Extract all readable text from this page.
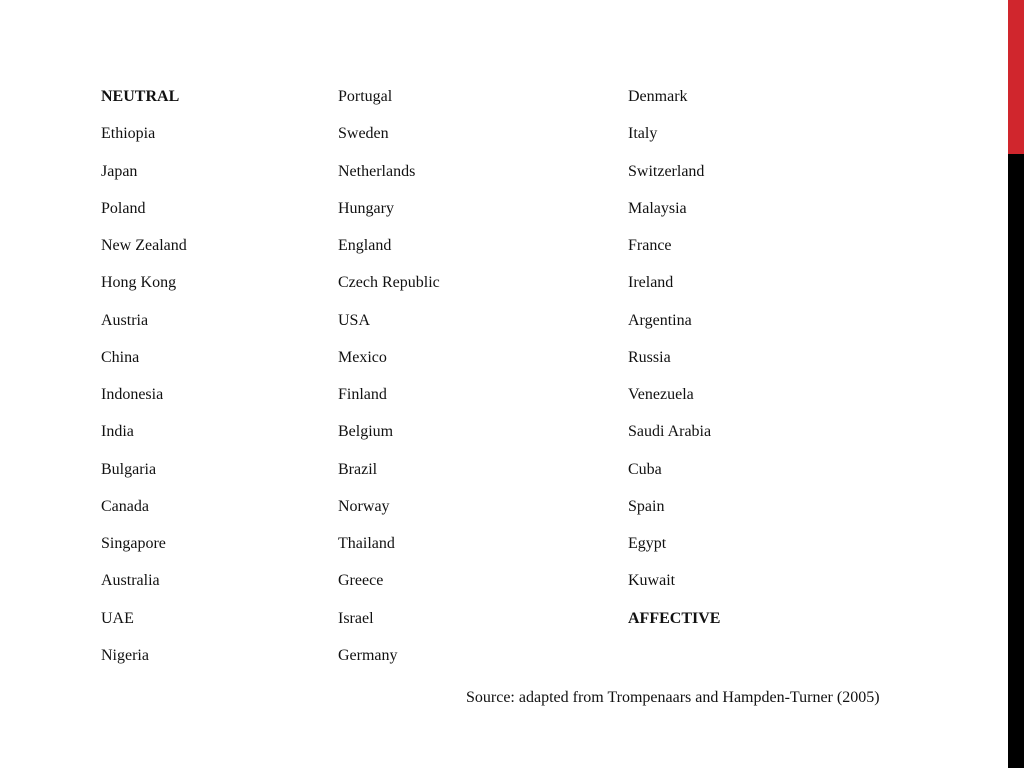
NEUTRAL
Ethiopia
Japan
Poland
New Zealand
Hong Kong
Austria
China
Indonesia
India
Bulgaria
Canada
Singapore
Australia
UAE
Nigeria
Portugal
Sweden
Netherlands
Hungary
England
Czech Republic
USA
Mexico
Finland
Belgium
Brazil
Norway
Thailand
Greece
Israel
Germany
Denmark
Italy
Switzerland
Malaysia
France
Ireland
Argentina
Russia
Venezuela
Saudi Arabia
Cuba
Spain
Egypt
Kuwait
AFFECTIVE
Source: adapted from Trompenaars and Hampden-Turner (2005)
